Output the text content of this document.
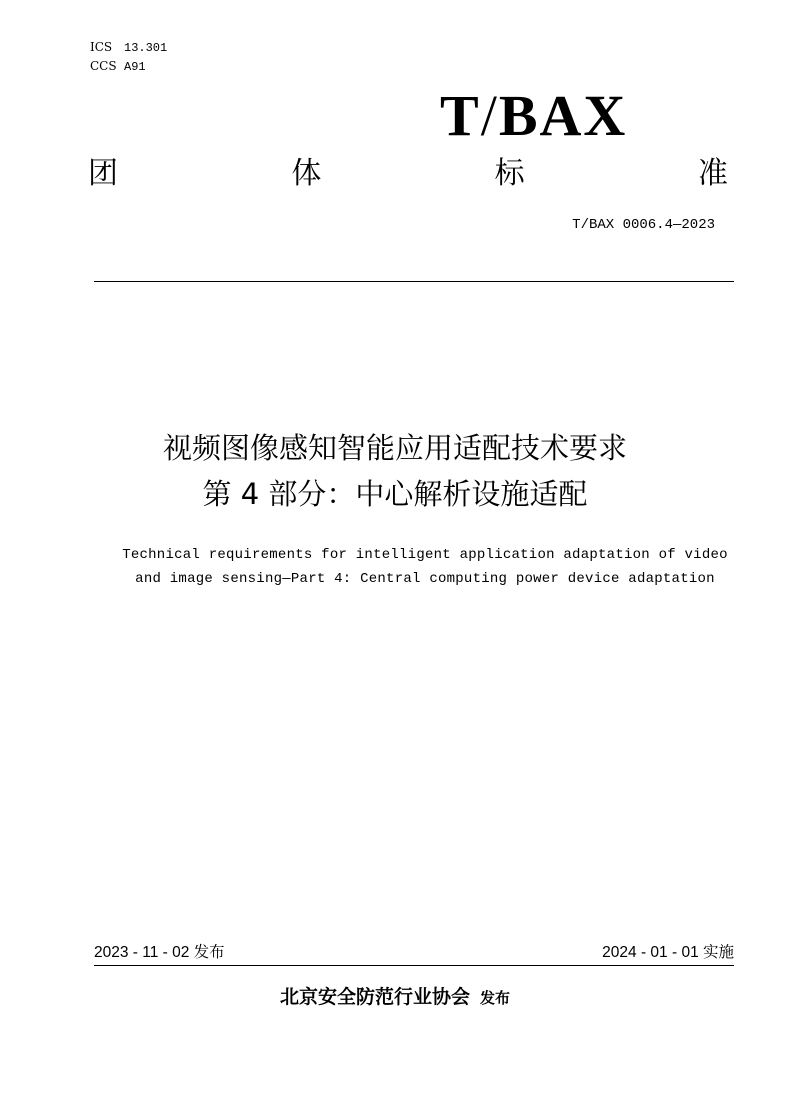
ICS 13.301
CCS A91
T/BAX
团	体	标	准
T/BAX 0006.4—2023
视频图像感知智能应用适配技术要求
第 4 部分：中心解析设施适配
Technical requirements for intelligent application adaptation of video
and image sensing—Part 4: Central computing power device adaptation
2023 - 11 - 02 发布	2024 - 01 - 01 实施
北京安全防范行业协会 发布
